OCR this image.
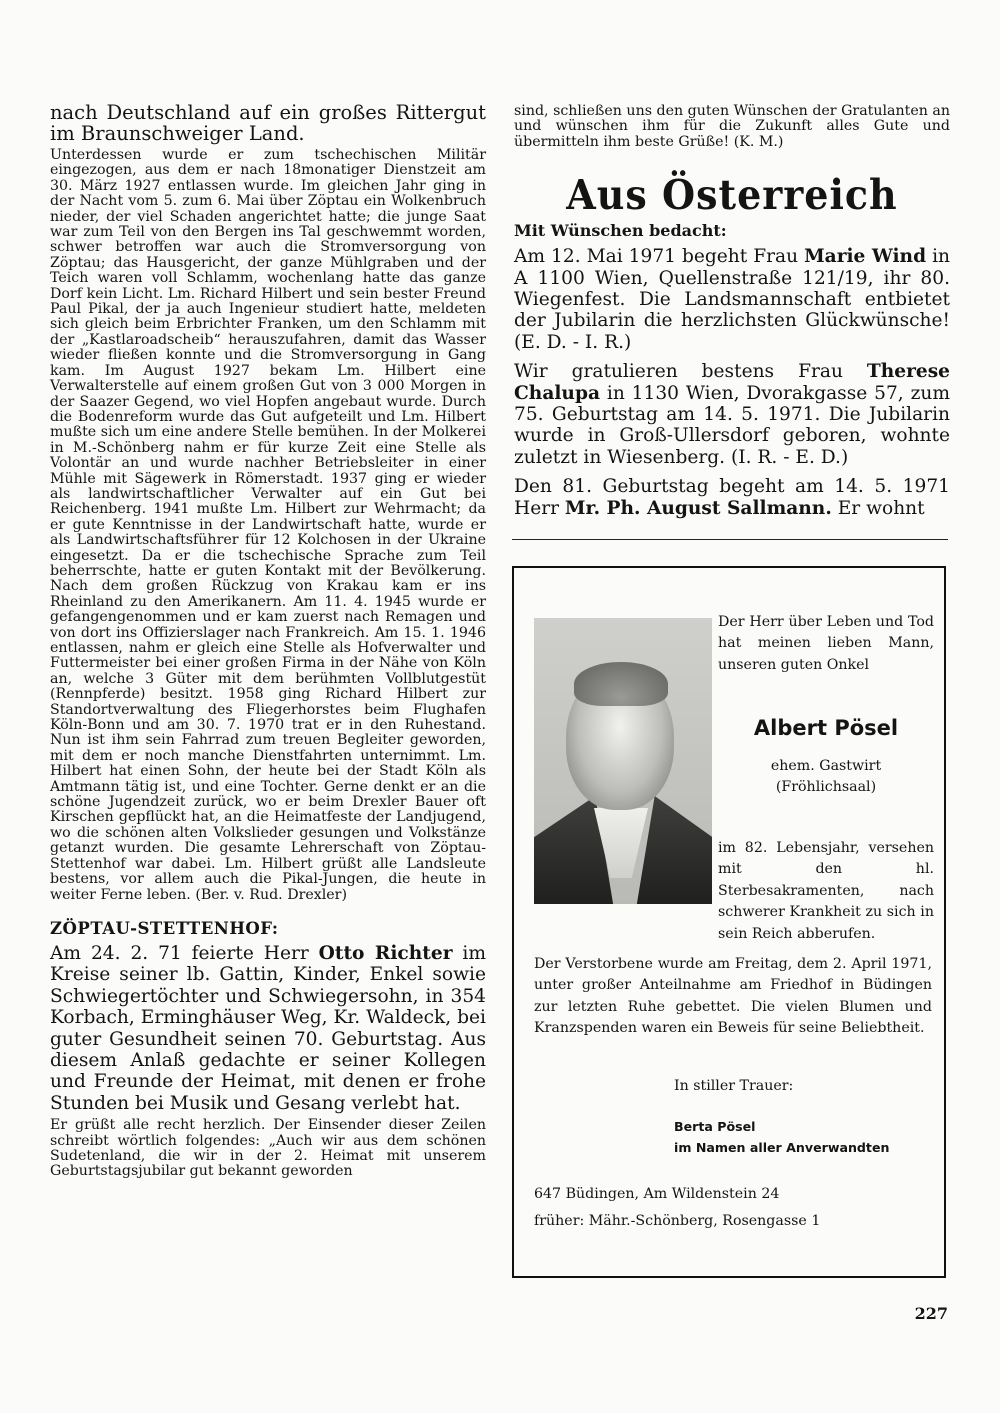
nach Deutschland auf ein großes Rittergut im Braunschweiger Land.

Unterdessen wurde er zum tschechischen Militär eingezogen, aus dem er nach 18monatiger Dienstzeit am 30. März 1927 entlassen wurde. Im gleichen Jahr ging in der Nacht vom 5. zum 6. Mai über Zöptau ein Wolkenbruch nieder, der viel Schaden angerichtet hatte; die junge Saat war zum Teil von den Bergen ins Tal geschwemmt worden, schwer betroffen war auch die Stromversorgung von Zöptau; das Hausgericht, der ganze Mühlgraben und der Teich waren voll Schlamm, wochenlang hatte das ganze Dorf kein Licht. Lm. Richard Hilbert und sein bester Freund Paul Pikal, der ja auch Ingenieur studiert hatte, meldeten sich gleich beim Erbrichter Franken, um den Schlamm mit der „Kastlaroadscheib“ herauszufahren, damit das Wasser wieder fließen konnte und die Stromversorgung in Gang kam. Im August 1927 bekam Lm. Hilbert eine Verwalterstelle auf einem großen Gut von 3 000 Morgen in der Saazer Gegend, wo viel Hopfen angebaut wurde. Durch die Bodenreform wurde das Gut aufgeteilt und Lm. Hilbert mußte sich um eine andere Stelle bemühen. In der Molkerei in M.-Schönberg nahm er für kurze Zeit eine Stelle als Volontär an und wurde nachher Betriebsleiter in einer Mühle mit Sägewerk in Römerstadt. 1937 ging er wieder als landwirtschaftlicher Verwalter auf ein Gut bei Reichenberg. 1941 mußte Lm. Hilbert zur Wehrmacht; da er gute Kenntnisse in der Landwirtschaft hatte, wurde er als Landwirtschaftsführer für 12 Kolchosen in der Ukraine eingesetzt. Da er die tschechische Sprache zum Teil beherrschte, hatte er guten Kontakt mit der Bevölkerung. Nach dem großen Rückzug von Krakau kam er ins Rheinland zu den Amerikanern. Am 11. 4. 1945 wurde er gefangengenommen und er kam zuerst nach Remagen und von dort ins Offizierslager nach Frankreich. Am 15. 1. 1946 entlassen, nahm er gleich eine Stelle als Hofverwalter und Futtermeister bei einer großen Firma in der Nähe von Köln an, welche 3 Güter mit dem berühmten Vollblutgestüt (Rennpferde) besitzt. 1958 ging Richard Hilbert zur Standortverwaltung des Fliegerhorstes beim Flughafen Köln-Bonn und am 30. 7. 1970 trat er in den Ruhestand. Nun ist ihm sein Fahrrad zum treuen Begleiter geworden, mit dem er noch manche Dienstfahrten unternimmt. Lm. Hilbert hat einen Sohn, der heute bei der Stadt Köln als Amtmann tätig ist, und eine Tochter. Gerne denkt er an die schöne Jugendzeit zurück, wo er beim Drexler Bauer oft Kirschen gepflückt hat, an die Heimatfeste der Landjugend, wo die schönen alten Volkslieder gesungen und Volkstänze getanzt wurden. Die gesamte Lehrerschaft von Zöptau-Stettenhof war dabei. Lm. Hilbert grüßt alle Landsleute bestens, vor allem auch die Pikal-Jungen, die heute in weiter Ferne leben. (Ber. v. Rud. Drexler)

ZÖPTAU-STETTENHOF:

Am 24. 2. 71 feierte Herr Otto Richter im Kreise seiner lb. Gattin, Kinder, Enkel sowie Schwiegertöchter und Schwiegersohn, in 354 Korbach, Erminghäuser Weg, Kr. Waldeck, bei guter Gesundheit seinen 70. Geburtstag. Aus diesem Anlaß gedachte er seiner Kollegen und Freunde der Heimat, mit denen er frohe Stunden bei Musik und Gesang verlebt hat.

Er grüßt alle recht herzlich. Der Einsender dieser Zeilen schreibt wörtlich folgendes: „Auch wir aus dem schönen Sudetenland, die wir in der 2. Heimat mit unserem Geburtstagsjubilar gut bekannt geworden

sind, schließen uns den guten Wünschen der Gratulanten an und wünschen ihm für die Zukunft alles Gute und übermitteln ihm beste Grüße! (K. M.)

Aus Österreich
Mit Wünschen bedacht:

Am 12. Mai 1971 begeht Frau Marie Wind in A 1100 Wien, Quellenstraße 121/19, ihr 80. Wiegenfest. Die Landsmannschaft entbietet der Jubilarin die herzlichsten Glückwünsche! (E. D. - I. R.)

Wir gratulieren bestens Frau Therese Chalupa in 1130 Wien, Dvorakgasse 57, zum 75. Geburtstag am 14. 5. 1971. Die Jubilarin wurde in Groß-Ullersdorf geboren, wohnte zuletzt in Wiesenberg. (I. R. - E. D.)

Den 81. Geburtstag begeht am 14. 5. 1971 Herr Mr. Ph. August Sallmann. Er wohnt

Der Herr über Leben und Tod hat meinen lieben Mann, unseren guten Onkel

Albert Pösel

ehem. Gastwirt

(Fröhlichsaal)

im 82. Lebensjahr, versehen mit den hl. Sterbesakramenten, nach schwerer Krankheit zu sich in sein Reich abberufen.

Der Verstorbene wurde am Freitag, dem 2. April 1971, unter großer Anteilnahme am Friedhof in Büdingen zur letzten Ruhe gebettet. Die vielen Blumen und Kranzspenden waren ein Beweis für seine Beliebtheit.

In stiller Trauer:

Berta Pösel
im Namen aller Anverwandten

647 Büdingen, Am Wildenstein 24

früher: Mähr.-Schönberg, Rosengasse 1

227
